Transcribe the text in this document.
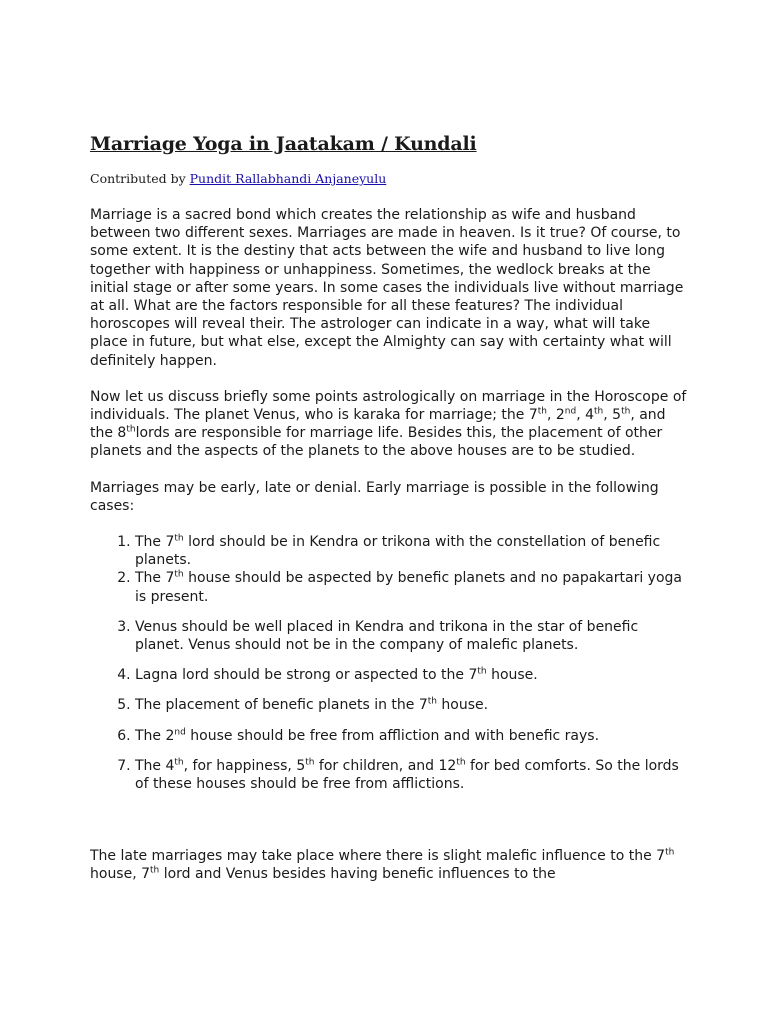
Marriage Yoga in Jaatakam / Kundali
Contributed by Pundit Rallabhandi Anjaneyulu

Marriage is a sacred bond which creates the relationship as wife and husband between two different sexes. Marriages are made in heaven. Is it true? Of course, to some extent. It is the destiny that acts between the wife and husband to live long together with happiness or unhappiness. Sometimes, the wedlock breaks at the initial stage or after some years. In some cases the individuals live without marriage at all. What are the factors responsible for all these features? The individual horoscopes will reveal their. The astrologer can indicate in a way, what will take place in future, but what else, except the Almighty can say with certainty what will definitely happen.

Now let us discuss briefly some points astrologically on marriage in the Horoscope of individuals. The planet Venus, who is karaka for marriage; the 7th, 2nd, 4th, 5th, and the 8thlords are responsible for marriage life. Besides this, the placement of other planets and the aspects of the planets to the above houses are to be studied.

Marriages may be early, late or denial. Early marriage is possible in the following cases:

1. The 7th lord should be in Kendra or trikona with the constellation of benefic planets.
2. The 7th house should be aspected by benefic planets and no papakartari yoga is present.
3. Venus should be well placed in Kendra and trikona in the star of benefic planet. Venus should not be in the company of malefic planets.
4. Lagna lord should be strong or aspected to the 7th house.
5. The placement of benefic planets in the 7th house.
6. The 2nd house should be free from affliction and with benefic rays.
7. The 4th, for happiness, 5th for children, and 12th for bed comforts. So the lords of these houses should be free from afflictions.

The late marriages may take place where there is slight malefic influence to the 7th house, 7th lord and Venus besides having benefic influences to the
